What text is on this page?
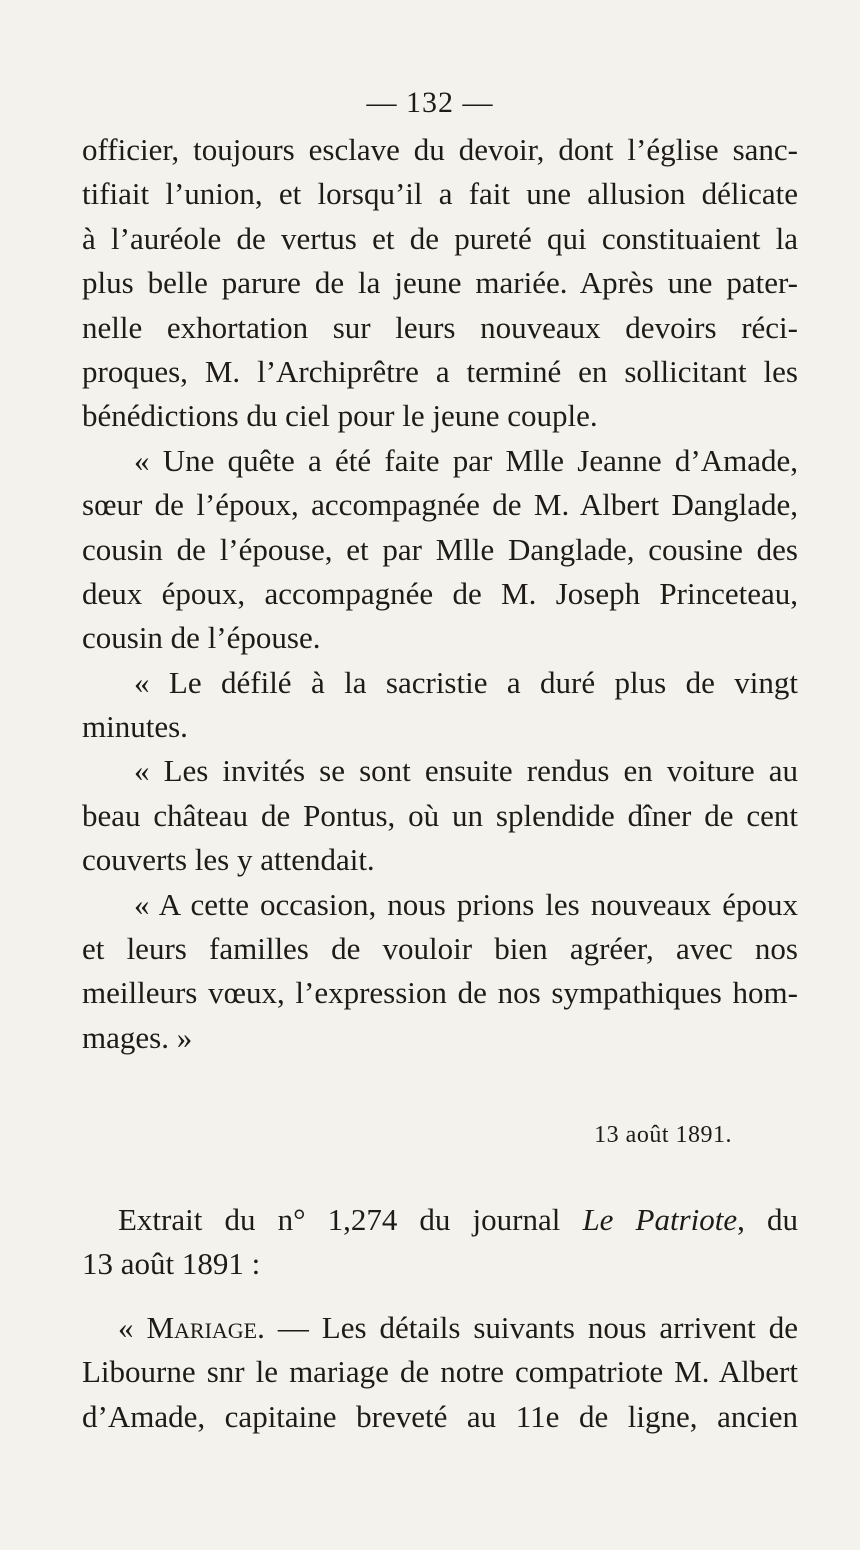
— 132 —
officier, toujours esclave du devoir, dont l’église sanc-
tifiait l’union, et lorsqu’il a fait une allusion délicate
à l’auréole de vertus et de pureté qui constituaient la
plus belle parure de la jeune mariée. Après une pater-
nelle exhortation sur leurs nouveaux devoirs réci-
proques, M. l’Archiprêtre a terminé en sollicitant les
bénédictions du ciel pour le jeune couple.
« Une quête a été faite par Mlle Jeanne d’Amade,
sœur de l’époux, accompagnée de M. Albert Danglade,
cousin de l’épouse, et par Mlle Danglade, cousine des
deux époux, accompagnée de M. Joseph Princeteau,
cousin de l’épouse.
« Le défilé à la sacristie a duré plus de vingt
minutes.
« Les invités se sont ensuite rendus en voiture au
beau château de Pontus, où un splendide dîner de cent
couverts les y attendait.
« A cette occasion, nous prions les nouveaux époux
et leurs familles de vouloir bien agréer, avec nos
meilleurs vœux, l’expression de nos sympathiques hom-
mages. »
13 août 1891.
Extrait du n° 1,274 du journal Le Patriote, du
13 août 1891 :
« Mariage. — Les détails suivants nous arrivent de
Libourne snr le mariage de notre compatriote M. Albert
d’Amade, capitaine breveté au 11e de ligne, ancien
